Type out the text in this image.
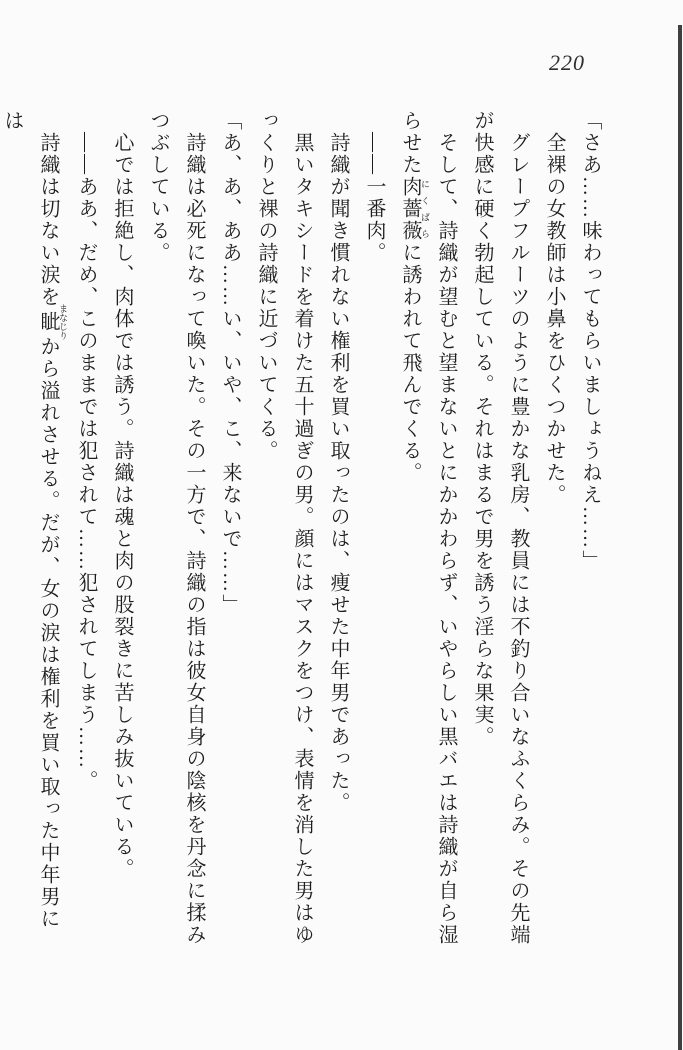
220

「さあ……味わってもらいましょうねえ……」

全裸の女教師は小鼻をひくつかせた。

グレープフルーツのように豊かな乳房、教員には不釣り合いなふくらみ。その先端が快感に硬く勃起している。それはまるで男を誘う淫らな果実。

そして、詩織が望むと望まないとにかかわらず、いやらしい黒バエは詩織が自ら湿らせた肉薔薇 にくばらに誘われて飛んでくる。

——一番肉。

詩織が聞き慣れない権利を買い取ったのは、痩せた中年男であった。

黒いタキシードを着けた五十過ぎの男。顔にはマスクをつけ、表情を消した男はゆっくりと裸の詩織に近づいてくる。

「あ、あ、ああ……い、いや、こ、来ないで……」

詩織は必死になって喚いた。その一方で、詩織の指は彼女自身の陰核を丹念に揉みつぶしている。

心では拒絶し、肉体では誘う。詩織は魂と肉の股裂きに苦しみ抜いている。

——ああ、だめ、このままでは犯されて……犯されてしまう……。

詩織は切ない涙を眦 まなじりから溢れさせる。だが、女の涙は権利を買い取った中年男には
